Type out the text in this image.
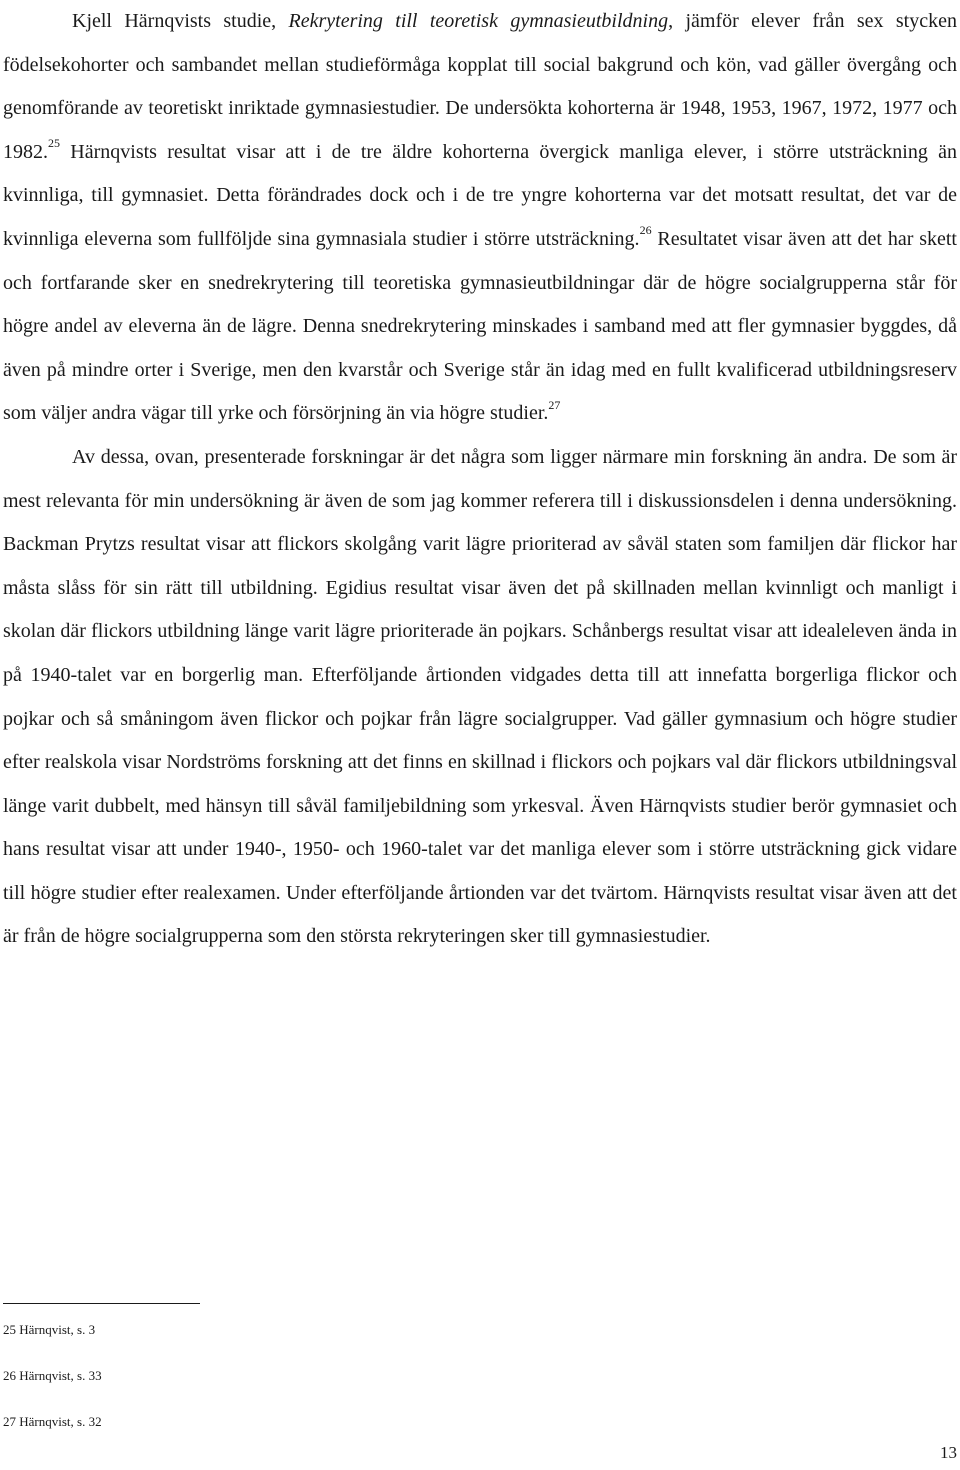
Kjell Härnqvists studie, Rekrytering till teoretisk gymnasieutbildning, jämför elever från sex stycken födelsekohorter och sambandet mellan studieförmåga kopplat till social bakgrund och kön, vad gäller övergång och genomförande av teoretiskt inriktade gymnasiestudier. De undersökta kohorterna är 1948, 1953, 1967, 1972, 1977 och 1982.25 Härnqvists resultat visar att i de tre äldre kohorterna övergick manliga elever, i större utsträckning än kvinnliga, till gymnasiet. Detta förändrades dock och i de tre yngre kohorterna var det motsatt resultat, det var de kvinnliga eleverna som fullföljde sina gymnasiala studier i större utsträckning.$^{26}$ Resultatet visar även att det har skett och fortfarande sker en snedrekrytering till teoretiska gymnasieutbildningar där de högre socialgrupperna står för högre andel av eleverna än de lägre. Denna snedrekrytering minskades i samband med att fler gymnasier byggdes, då även på mindre orter i Sverige, men den kvarstår och Sverige står än idag med en fullt kvalificerad utbildningsreserv som väljer andra vägar till yrke och försörjning än via högre studier.$^{27}$

Av dessa, ovan, presenterade forskningar är det några som ligger närmare min forskning än andra. De som är mest relevanta för min undersökning är även de som jag kommer referera till i diskussionsdelen i denna undersökning. Backman Prytzs resultat visar att flickors skolgång varit lägre prioriterad av såväl staten som familjen där flickor har måsta slåss för sin rätt till utbildning. Egidius resultat visar även det på skillnaden mellan kvinnligt och manligt i skolan där flickors utbildning länge varit lägre prioriterade än pojkars. Schånbergs resultat visar att idealeleven ända in på 1940-talet var en borgerlig man. Efterföljande årtionden vidgades detta till att innefatta borgerliga flickor och pojkar och så småningom även flickor och pojkar från lägre socialgrupper. Vad gäller gymnasium och högre studier efter realskola visar Nordströms forskning att det finns en skillnad i flickors och pojkars val där flickors utbildningsval länge varit dubbelt, med hänsyn till såväl familjebildning som yrkesval. Även Härnqvists studier berör gymnasiet och hans resultat visar att under 1940-, 1950- och 1960-talet var det manliga elever som i större utsträckning gick vidare till högre studier efter realexamen. Under efterföljande årtionden var det tvärtom. Härnqvists resultat visar även att det är från de högre socialgrupperna som den största rekryteringen sker till gymnasiestudier.

25 Härnqvist, s. 3

26 Härnqvist, s. 33

27 Härnqvist, s. 32

13
